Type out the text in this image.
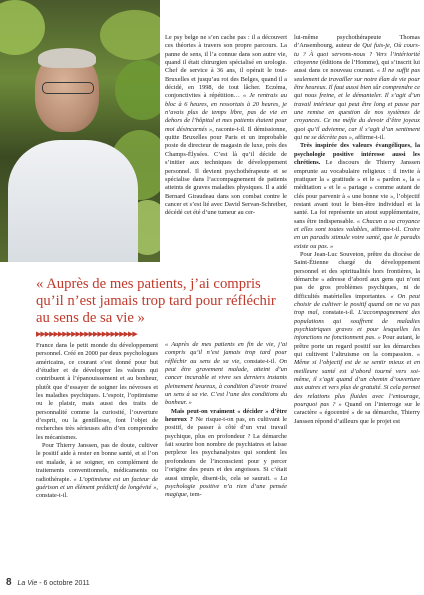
Le psy belge ne s’en cache pas : il a découvert ces théories à travers son propre parcours. La panne de sens, il l’a connue dans son autre vie, quand il était chirurgien spécialisé en urologie. Chef de service à 36 ans, il opérait le tout-Bruxelles et jusqu’au roi des Belges, quand il a décidé, en 1998, de tout lâcher. Eczéma, conjonctivites à répétition… « Je rentrais au bloc à 6 heures, en ressortais à 20 heures, je n’avais plus de temps libre, pas de vie en dehors de l’hôpital et mes patients étaient pour moi désincarnés », raconte-t-il. Il démissionne, quitte Bruxelles pour Paris et un improbable poste de directeur de magasin de luxe, près des Champs-Élysées. C’est là qu’il décide de s’initier aux techniques de développement personnel. Il devient psychothérapeute et se spécialise dans l’accompagnement de patients atteints de graves maladies physiques. Il a aidé Bernard Giraudeau dans son combat contre le cancer et s’est lié avec David Servan-Schreiber, décédé cet été d’une tumeur au cer-

lui-même psychothérapeute Thomas d’Ansembourg, auteur de Qui fuis-je, Où cours-tu ? À quoi servons-nous ? Vers l’intériorité citoyenne (éditions de l’Homme), qui s’inscrit lui aussi dans ce nouveau courant. « Il ne suffit pas seulement de travailler sur notre élan de vie pour être heureux. Il faut aussi bien sûr comprendre ce qui nous freine, et le démanteler. Il s’agit d’un travail intérieur qui peut être long et passe par une remise en question de nos systèmes de croyances. Ce me méfie du devoir d’être joyeux quoi qu’il advienne, car il s’agit d’un sentiment qui ne se décrète pas », affirme-t-il.

Très inspirée des valeurs évangéliques, la psychologie positive intéresse aussi les chrétiens. Le discours de Thierry Janssen emprunte au vocabulaire religieux : il invite à pratiquer la « gratitude » et le « pardon », la « méditation » et le « partage » comme autant de clés pour parvenir à « une bonne vie », l’objectif restant avant tout le bien-être individuel et la santé. La foi représente un atout supplémentaire, sans être indispensable. « Chacun a sa croyance et elles sont toutes valables, affirme-t-il. Croire en un paradis stimule votre santé, que le paradis existe ou pas. »

Pour Jean-Luc Souveton, prêtre du diocèse de Saint-Étienne chargé du développement personnel et des spiritualités hors frontières, la démarche « adresse d’abord aux gens qui n’ont pas de gros problèmes psychiques, ni de difficultés matérielles importantes. « On peut choisir de cultiver le positif quand on ne va pas trop mal, constate-t-il. L’accompagnement des populations qui souffrent de maladies psychiatriques graves et pour lesquelles les injonctions ne fonctionnent pas. » Pour autant, le prêtre porte un regard positif sur les démarches qui cultivent l’altruisme on la compassion. « Même si l’objectif est de se sentir mieux et en meilleure santé est d’abord tourné vers soi-même, il s’agit quand d’un chemin d’ouverture aux autres et vers plus de gratuité. Si cela permet des relations plus fluides avec l’entourage, pourquoi pas ? » Quand on l’interroge sur le caractère « égocentré » de sa démarche, Thierry Janssen répond d’ailleurs que le projet est

« Auprès de mes patients, j’ai compris qu’il n’est jamais trop tard pour réfléchir au sens de sa vie »
▶▶▶▶▶▶▶▶▶▶▶▶▶▶▶▶▶▶▶▶▶▶▶

France dans le petit monde du développement personnel. Créé en 2000 par deux psychologues américains, ce courant s’est donné pour but d’étudier et de développer les valeurs qui contribuent à l’épanouissement et au bonheur, plutôt que d’essayer de soigner les névroses et les maladies psychiques. L’espoir, l’optimisme ou le plaisir, mais aussi des traits de personnalité comme la curiosité, l’ouverture d’esprit, ou la gentillesse, font l’objet de recherches très sérieuses afin d’en comprendre les mécanismes.

Pour Thierry Janssen, pas de doute, cultiver le positif aide à rester en bonne santé, et si l’on est malade, à se soigner, en complément de traitements conventionnels, médicaments ou radiothérapie. « L’optimisme est un facteur de guérison et un élément prédictif de longévité », constate-t-il.

« Auprès de mes patients en fin de vie, j’ai compris qu’il n’est jamais trop tard pour réfléchir au sens de sa vie, constate-t-il. On peut être gravement malade, atteint d’un cancer incurable et vivre ses derniers instants pleinement heureux, à condition d’avoir trouvé un sens à sa vie. C’est l’une des conditions du bonheur. »

Mais peut-on vraiment « décider » d’être heureux ? Ne risque-t-on pas, en cultivant le positif, de passer à côté d’un vrai travail psychique, plus en profondeur ? La démarche fait sourire bon nombre de psychiatres et laisse perplexe les psychanalystes qui sondent les profondeurs de l’inconscient pour y percer l’origine des peurs et des angoisses. Si c’était aussi simple, disent-ils, cela se saurait. « La psychologie positive n’a rien d’une pensée magique, tem-

8 La Vie - 6 octobre 2011
